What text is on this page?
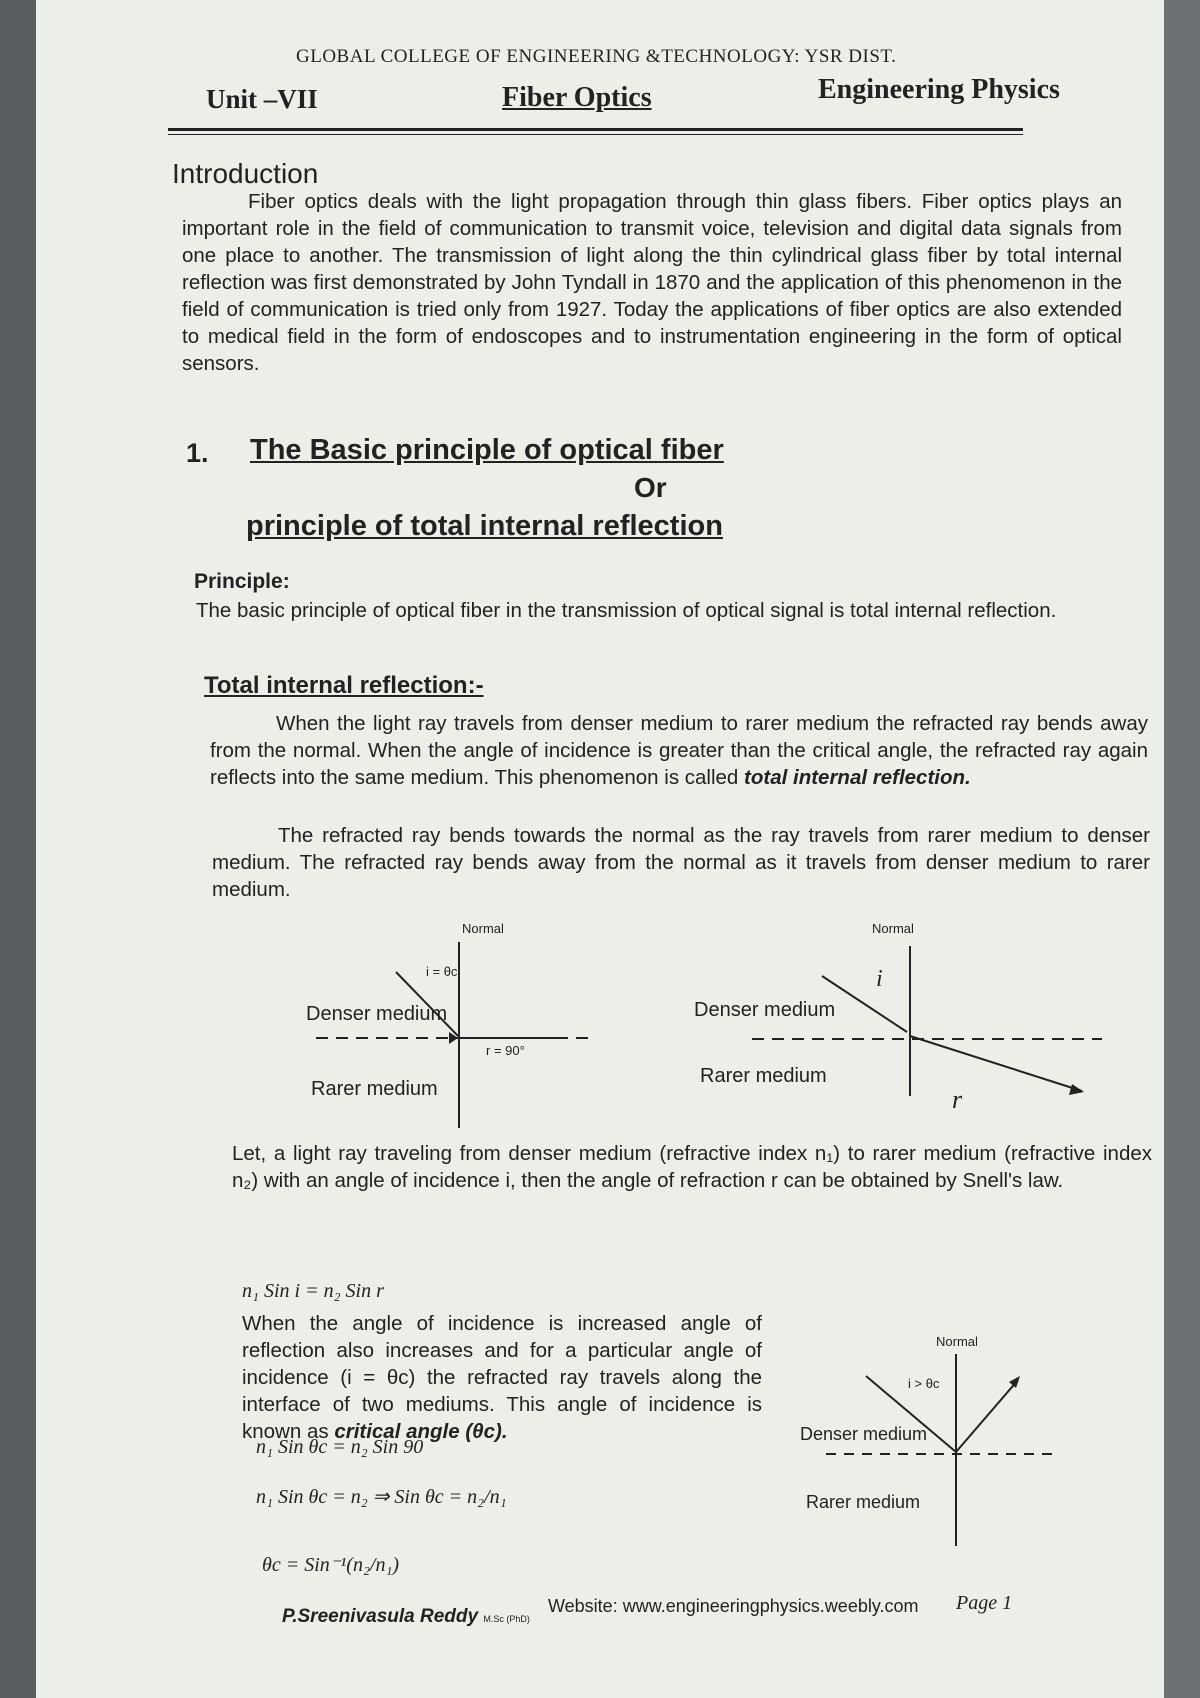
GLOBAL COLLEGE OF ENGINEERING &TECHNOLOGY: YSR DIST.

Unit –VII	Fiber Optics	Engineering Physics

Introduction

Fiber optics deals with the light propagation through thin glass fibers. Fiber optics plays an important role in the field of communication to transmit voice, television and digital data signals from one place to another. The transmission of light along the thin cylindrical glass fiber by total internal reflection was first demonstrated by John Tyndall in 1870 and the application of this phenomenon in the field of communication is tried only from 1927. Today the applications of fiber optics are also extended to medical field in the form of endoscopes and to instrumentation engineering in the form of optical sensors.

1. The Basic principle of optical fiber

Or

principle of total internal reflection

Principle:

The basic principle of optical fiber in the transmission of optical signal is total internal reflection.

Total internal reflection:-

When the light ray travels from denser medium to rarer medium the refracted ray bends away from the normal. When the angle of incidence is greater than the critical angle, the refracted ray again reflects into the same medium. This phenomenon is called total internal reflection.

The refracted ray bends towards the normal as the ray travels from rarer medium to denser medium. The refracted ray bends away from the normal as it travels from denser medium to rarer medium.

Normal
i = θc
r = 90°
Denser medium
Rarer medium
Normal
i
Denser medium
Rarer medium
r

Let, a light ray traveling from denser medium (refractive index n₁) to rarer medium (refractive index n₂) with an angle of incidence i, then the angle of refraction r can be obtained by Snell's law.

n₁ Sin i = n₂ Sin r

When the angle of incidence is increased angle of reflection also increases and for a particular angle of incidence (i = θc) the refracted ray travels along the interface of two mediums. This angle of incidence is known as critical angle (θc).

n₁ Sin θc = n₂ Sin 90

n₁ Sin θc = n₂ ⇒ Sin θc = n₂/n₁

θc = Sin⁻¹(n₂/n₁)

Normal
i > θc
Denser medium
Rarer medium

P.Sreenivasula Reddy M.Sc (PhD)

Website: www.engineeringphysics.weebly.com Page 1
